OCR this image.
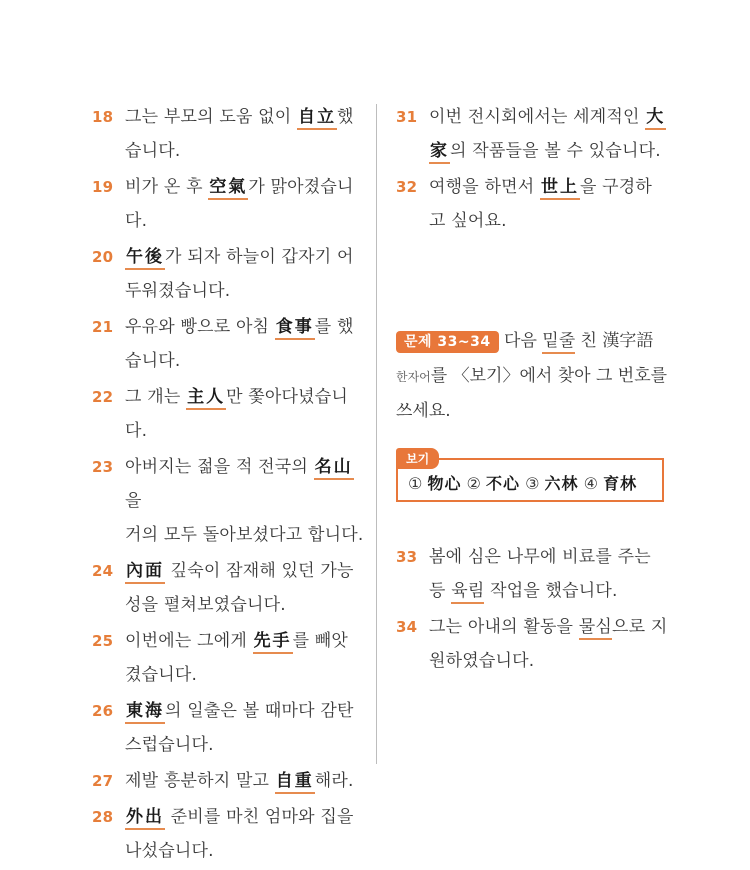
18 그는 부모의 도움 없이 自立했
습니다.
19 비가 온 후 空氣가 맑아졌습니다.
20 午後가 되자 하늘이 갑자기 어
두워졌습니다.
21 우유와 빵으로 아침 食事를 했
습니다.
22 그 개는 主人만 쫓아다녔습니다.
23 아버지는 젊을 적 전국의 名山을
거의 모두 돌아보셨다고 합니다.
24 內面 깊숙이 잠재해 있던 가능
성을 펼쳐보였습니다.
25 이번에는 그에게 先手를 빼앗
겼습니다.
26 東海의 일출은 볼 때마다 감탄
스럽습니다.
27 제발 흥분하지 말고 自重해라.
28 外出 준비를 마친 엄마와 집을
나섰습니다.
31 이번 전시회에서는 세계적인 大
家의 작품들을 볼 수 있습니다.
32 여행을 하면서 世上을 구경하
고 싶어요.
문제 33~34 다음 밑줄 친 漢字語
한자어를 〈보기〉에서 찾아 그 번호를
쓰세요.
보기
① 物心 ② 不心 ③ 六林 ④ 育林
33 봄에 심은 나무에 비료를 주는
등 육림 작업을 했습니다.
34 그는 아내의 활동을 물심으로 지
원하였습니다.
